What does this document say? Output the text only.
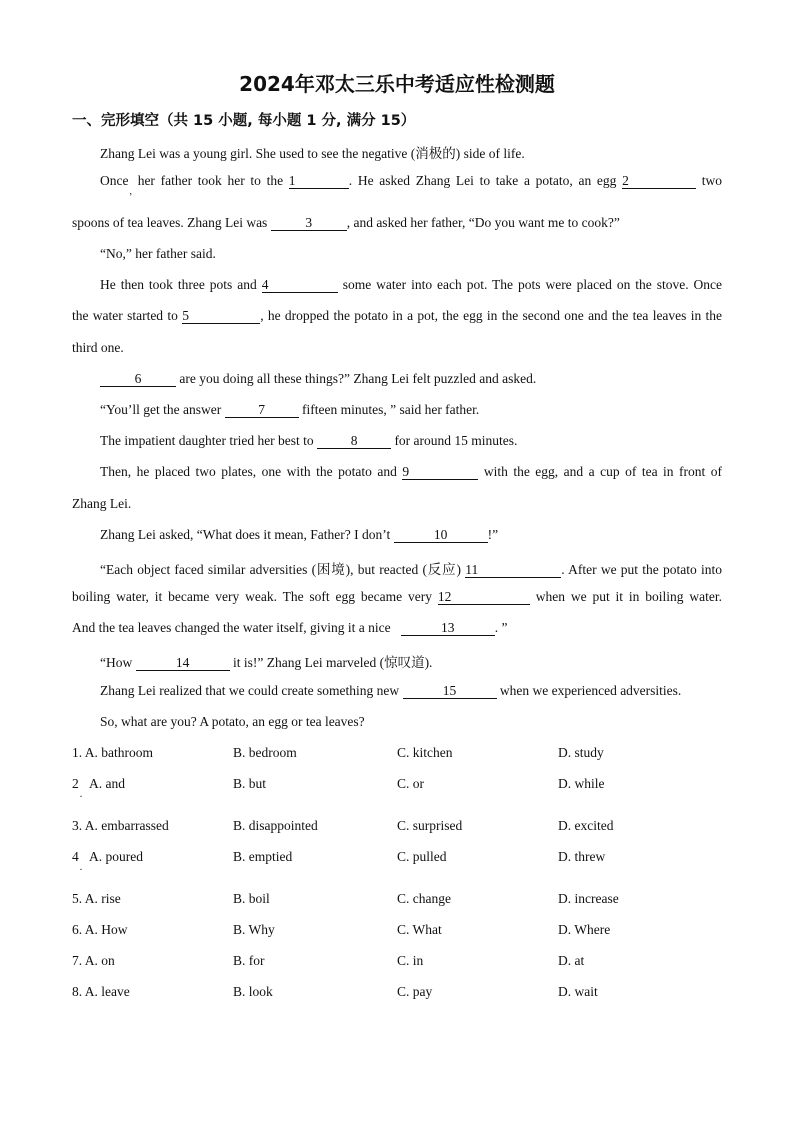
2024年邓太三乐中考适应性检测题
一、完形填空（共 15 小题, 每小题 1 分, 满分 15）
Zhang Lei was a young girl. She used to see the negative (消极的) side of life.
Once$_,$ her father took her to the 1	. He asked Zhang Lei to take a potato, an egg 2	two
spoons of tea leaves. Zhang Lei was	3	, and asked her father, “Do you want me to cook?”
“No,” her father said.
He then took three pots and 4	some water into each pot. The pots were placed on the stove. Once
the water started to 5	, he dropped the potato in a pot, the egg in the second one and the tea leaves in the
third one.
6	are you doing all these things?” Zhang Lei felt puzzled and asked.
“You’ll get the answer	7	fifteen minutes, ” said her father.
The impatient daughter tried her best to	8	for around 15 minutes.
Then, he placed two plates, one with the potato and 9	with the egg, and a cup of tea in front of
Zhang Lei.
Zhang Lei asked, “What does it mean, Father? I don’t	10	!”
“Each object faced similar adversities (困境), but reacted (反应) 11	. After we put the potato into
boiling water, it became very weak. The soft egg became very 12	when we put it in boiling water.
And the tea leaves changed the water itself, giving it a nice	13	. ”
“How	14	it is!” Zhang Lei marveled (惊叹道).
Zhang Lei realized that we could create something new	15	when we experienced adversities.
So, what are you? A potato, an egg or tea leaves?
1. A. bathroom	B. bedroom	C. kitchen	D. study
$2_.$
A. and	B. but	C. or	D. while
3. A. embarrassed	B. disappointed	C. surprised	D. excited
$4_.$
A. poured	B. emptied	C. pulled	D. threw
5. A. rise	B. boil	C. change	D. increase
6. A. How	B. Why	C. What	D. Where
7. A. on	B. for	C. in	D. at
8. A. leave	B. look	C. pay	D. wait
